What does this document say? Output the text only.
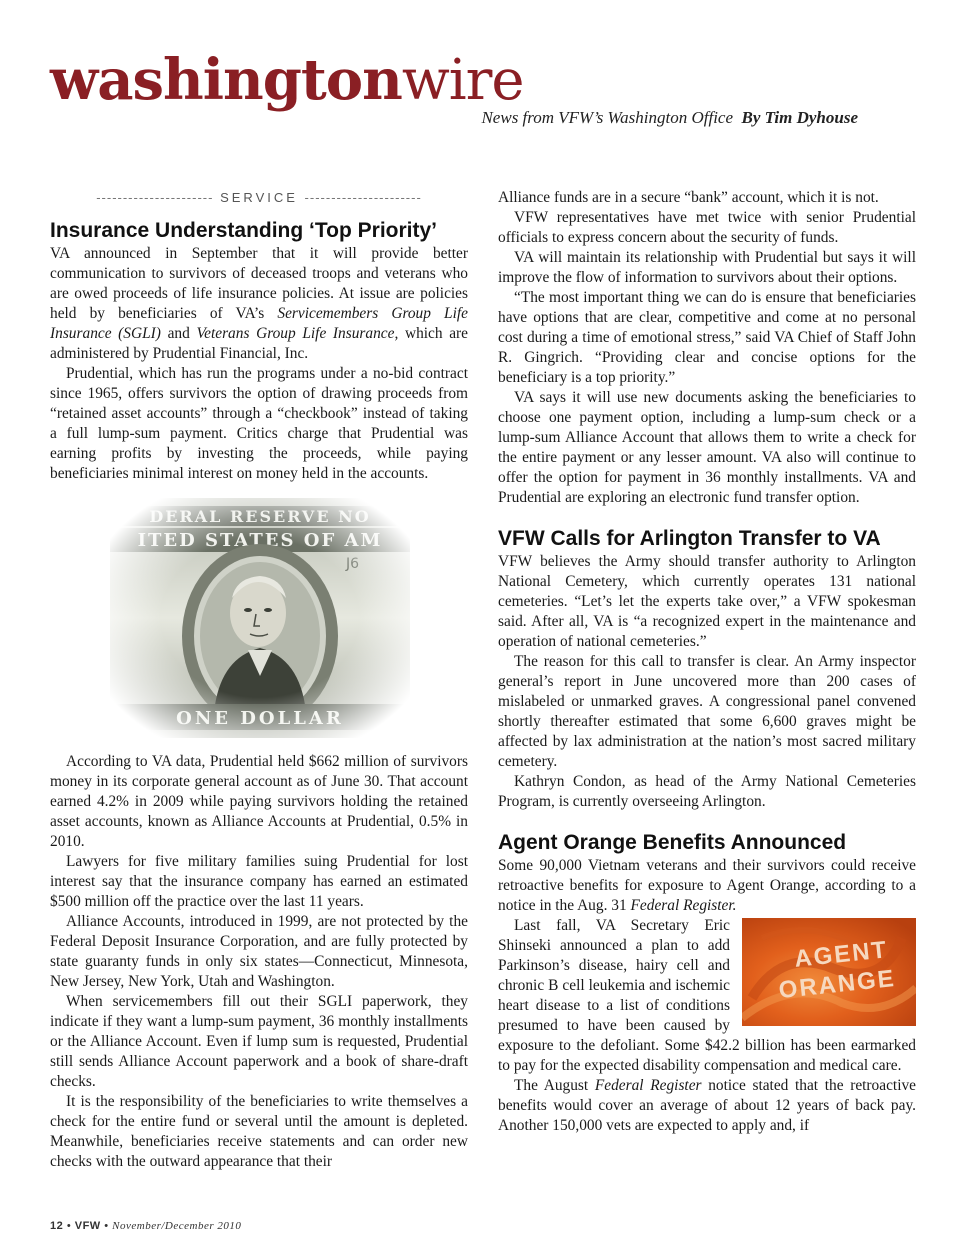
washingtonwire
News from VFW’s Washington Office By Tim Dyhouse
---------------------- SERVICE ----------------------
Insurance Understanding ‘Top Priority’

VA announced in September that it will provide better communication to survivors of deceased troops and veterans who are owed proceeds of life insurance policies. At issue are policies held by beneficiaries of VA’s Servicemembers Group Life Insurance (SGLI) and Veterans Group Life Insurance, which are administered by Prudential Financial, Inc.

Prudential, which has run the programs under a no-bid contract since 1965, offers survivors the option of drawing proceeds from “retained asset accounts” through a “checkbook” instead of taking a full lump-sum payment. Critics charge that Prudential was earning profits by investing the proceeds, while paying beneficiaries minimal interest on money held in the accounts.

According to VA data, Prudential held $662 million of survivors money in its corporate general account as of June 30. That account earned 4.2% in 2009 while paying survivors holding the retained asset accounts, known as Alliance Accounts at Prudential, 0.5% in 2010.

Lawyers for five military families suing Prudential for lost interest say that the insurance company has earned an estimated $500 million off the practice over the last 11 years.

Alliance Accounts, introduced in 1999, are not protected by the Federal Deposit Insurance Corporation, and are fully protected by state guaranty funds in only six states—Connecticut, Minnesota, New Jersey, New York, Utah and Washington.

When servicemembers fill out their SGLI paperwork, they indicate if they want a lump-sum payment, 36 monthly installments or the Alliance Account. Even if lump sum is requested, Prudential still sends Alliance Account paperwork and a book of share-draft checks.

It is the responsibility of the beneficiaries to write themselves a check for the entire fund or several until the amount is depleted. Meanwhile, beneficiaries receive statements and can order new checks with the outward appearance that their

Alliance funds are in a secure “bank” account, which it is not.

VFW representatives have met twice with senior Prudential officials to express concern about the security of funds.

VA will maintain its relationship with Prudential but says it will improve the flow of information to survivors about their options.

“The most important thing we can do is ensure that beneficiaries have options that are clear, competitive and come at no personal cost during a time of emotional stress,” said VA Chief of Staff John R. Gingrich. “Providing clear and concise options for the beneficiary is a top priority.”

VA says it will use new documents asking the beneficiaries to choose one payment option, including a lump-sum check or a lump-sum Alliance Account that allows them to write a check for the entire payment or any lesser amount. VA also will continue to offer the option for payment in 36 monthly installments. VA and Prudential are exploring an electronic fund transfer option.

VFW Calls for Arlington Transfer to VA

VFW believes the Army should transfer authority to Arlington National Cemetery, which currently operates 131 national cemeteries. “Let’s let the experts take over,” a VFW spokesman said. After all, VA is “a recognized expert in the maintenance and operation of national cemeteries.”

The reason for this call to transfer is clear. An Army inspector general’s report in June uncovered more than 200 cases of mislabeled or unmarked graves. A congressional panel convened shortly thereafter estimated that some 6,600 graves might be affected by lax administration at the nation’s most sacred military cemetery.

Kathryn Condon, as head of the Army National Cemeteries Program, is currently overseeing Arlington.

Agent Orange Benefits Announced

Some 90,000 Vietnam veterans and their survivors could receive retroactive benefits for exposure to Agent Orange, according to a notice in the Aug. 31 Federal Register.

AGENT
ORANGE

Last fall, VA Secretary Eric Shinseki announced a plan to add Parkinson’s disease, hairy cell and chronic B cell leukemia and ischemic heart disease to a list of conditions presumed to have been caused by exposure to the defoliant. Some $42.2 billion has been earmarked to pay for the expected disability compensation and medical care.

The August Federal Register notice stated that the retroactive benefits would cover an average of about 12 years of back pay. Another 150,000 vets are expected to apply and, if

12 • VFW • November/December 2010
